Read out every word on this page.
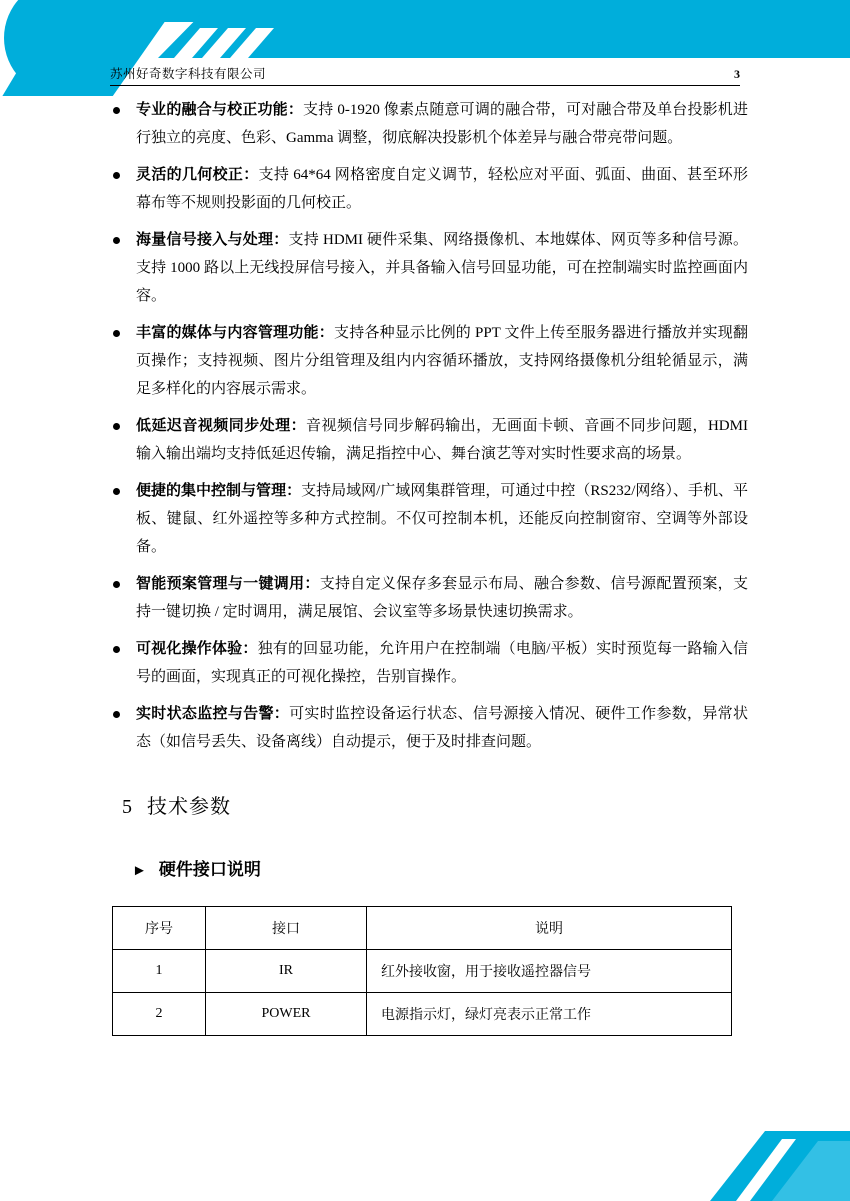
苏州好奇数字科技有限公司	3
专业的融合与校正功能：支持 0-1920 像素点随意可调的融合带，可对融合带及单台投影机进行独立的亮度、色彩、Gamma 调整，彻底解决投影机个体差异与融合带亮带问题。
灵活的几何校正：支持 64*64 网格密度自定义调节，轻松应对平面、弧面、曲面、甚至环形幕布等不规则投影面的几何校正。
海量信号接入与处理：支持 HDMI 硬件采集、网络摄像机、本地媒体、网页等多种信号源。支持 1000 路以上无线投屏信号接入，并具备输入信号回显功能，可在控制端实时监控画面内容。
丰富的媒体与内容管理功能：支持各种显示比例的 PPT 文件上传至服务器进行播放并实现翻页操作；支持视频、图片分组管理及组内内容循环播放，支持网络摄像机分组轮循显示，满足多样化的内容展示需求。
低延迟音视频同步处理：音视频信号同步解码输出，无画面卡顿、音画不同步问题，HDMI 输入输出端均支持低延迟传输，满足指控中心、舞台演艺等对实时性要求高的场景。
便捷的集中控制与管理：支持局域网/广域网集群管理，可通过中控（RS232/网络）、手机、平板、键鼠、红外遥控等多种方式控制。不仅可控制本机，还能反向控制窗帘、空调等外部设备。
智能预案管理与一键调用：支持自定义保存多套显示布局、融合参数、信号源配置预案，支持一键切换 / 定时调用，满足展馆、会议室等多场景快速切换需求。
可视化操作体验：独有的回显功能，允许用户在控制端（电脑/平板）实时预览每一路输入信号的画面，实现真正的可视化操控，告别盲操作。
实时状态监控与告警：可实时监控设备运行状态、信号源接入情况、硬件工作参数，异常状态（如信号丢失、设备离线）自动提示，便于及时排查问题。
5 技术参数
► 硬件接口说明
序号	接口	说明
1	IR	红外接收窗，用于接收遥控器信号
2	POWER	电源指示灯，绿灯亮表示正常工作
